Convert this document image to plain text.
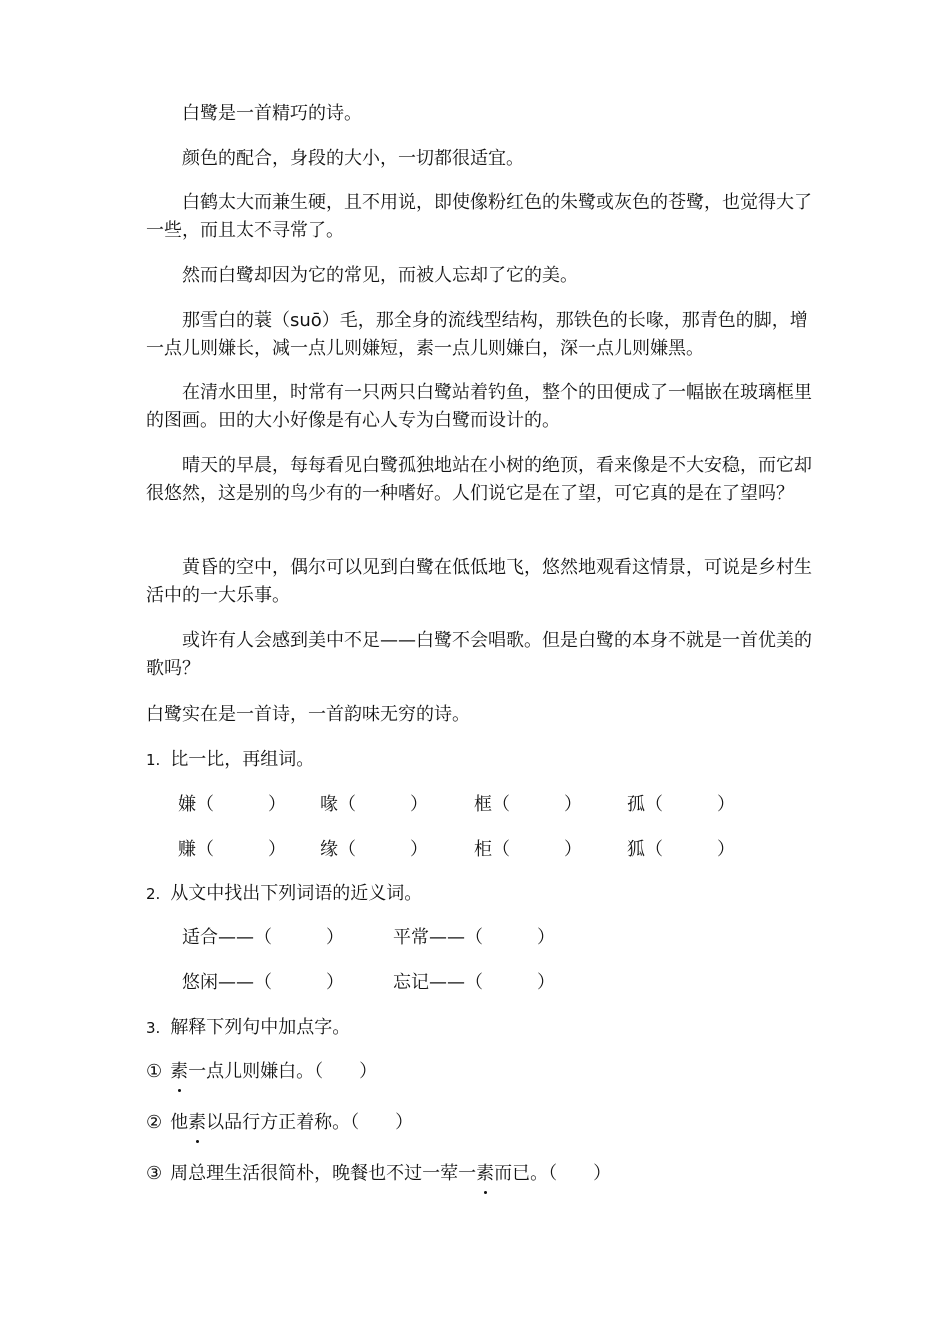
白鹭是一首精巧的诗。

颜色的配合，身段的大小，一切都很适宜。

白鹤太大而兼生硬，且不用说，即使像粉红色的朱鹭或灰色的苍鹭，也觉得大了一些，而且太不寻常了。

然而白鹭却因为它的常见，而被人忘却了它的美。

那雪白的蓑（suō）毛，那全身的流线型结构，那铁色的长喙，那青色的脚，增一点儿则嫌长，减一点儿则嫌短，素一点儿则嫌白，深一点儿则嫌黑。

在清水田里，时常有一只两只白鹭站着钓鱼，整个的田便成了一幅嵌在玻璃框里的图画。田的大小好像是有心人专为白鹭而设计的。

晴天的早晨，每每看见白鹭孤独地站在小树的绝顶，看来像是不大安稳，而它却很悠然，这是别的鸟少有的一种嗜好。人们说它是在了望，可它真的是在了望吗？

黄昏的空中，偶尔可以见到白鹭在低低地飞，悠然地观看这情景，可说是乡村生活中的一大乐事。

或许有人会感到美中不足——白鹭不会唱歌。但是白鹭的本身不就是一首优美的歌吗？

白鹭实在是一首诗，一首韵味无穷的诗。

1. 比一比，再组词。

嫌（　　　） 喙（　　　）	框（　　　）	孤（　　　）
赚（　　　） 缘（　　　）	柜（　　　）	狐（　　　）

2. 从文中找出下列词语的近义词。

适合——（　　　）	平常——（　　　）
悠闲——（　　　）	忘记——（　　　）

3. 解释下列句中加点字。

① 素一点儿则嫌白。（　　）

② 他素以品行方正着称。（　　）

③ 周总理生活很简朴，晚餐也不过一荤一素而已。（　　）
